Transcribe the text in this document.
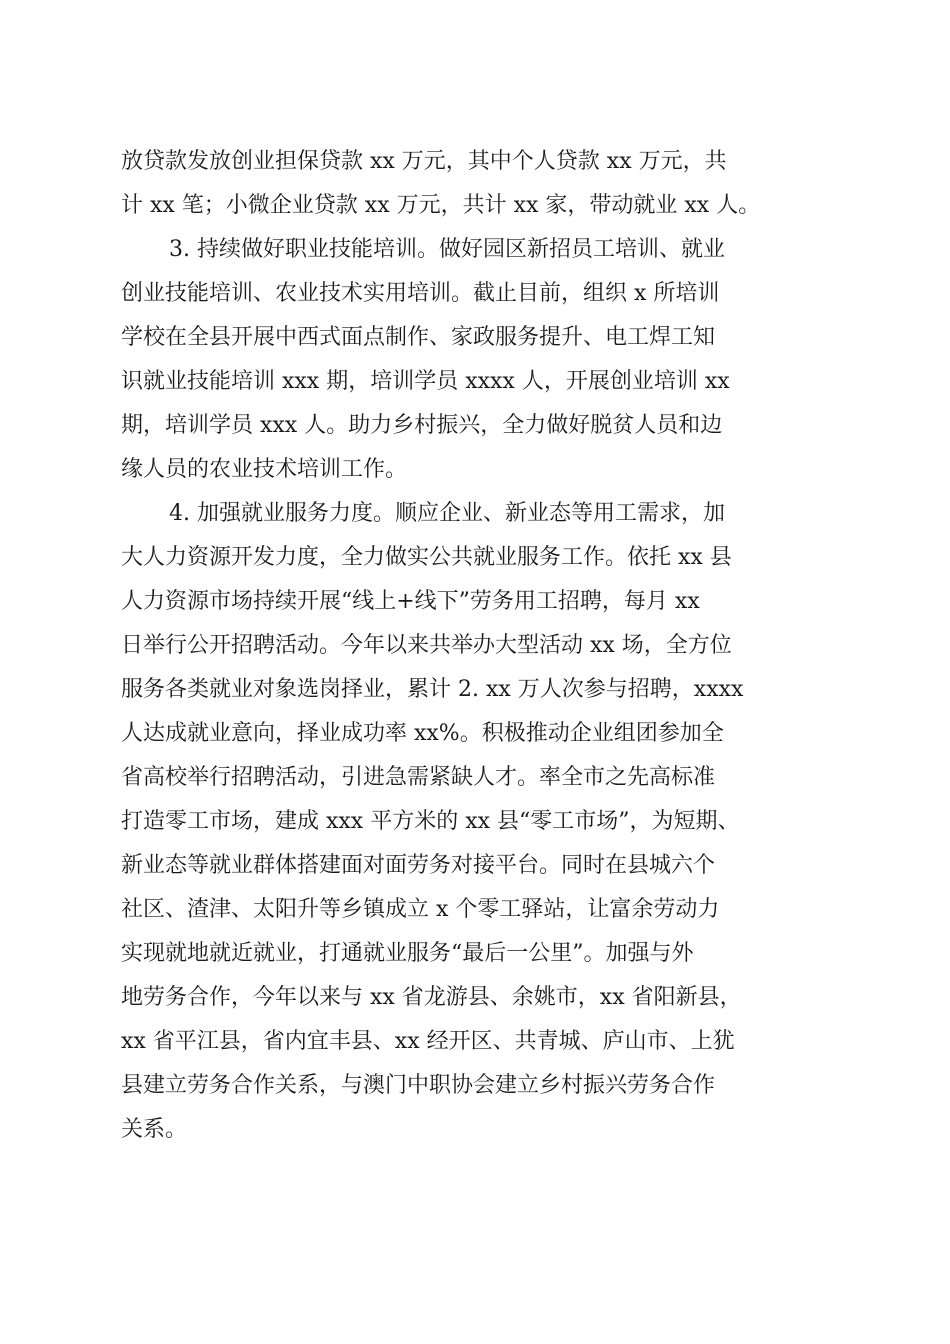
放贷款发放创业担保贷款 xx 万元，其中个人贷款 xx 万元，共
计 xx 笔；小微企业贷款 xx 万元，共计 xx 家，带动就业 xx 人。
3. 持续做好职业技能培训。做好园区新招员工培训、就业
创业技能培训、农业技术实用培训。截止目前，组织 x 所培训
学校在全县开展中西式面点制作、家政服务提升、电工焊工知
识就业技能培训 xxx 期，培训学员 xxxx 人，开展创业培训 xx
期，培训学员 xxx 人。助力乡村振兴，全力做好脱贫人员和边
缘人员的农业技术培训工作。
4. 加强就业服务力度。顺应企业、新业态等用工需求，加
大人力资源开发力度，全力做实公共就业服务工作。依托 xx 县
人力资源市场持续开展“线上+线下”劳务用工招聘，每月 xx
日举行公开招聘活动。今年以来共举办大型活动 xx 场，全方位
服务各类就业对象选岗择业，累计 2. xx 万人次参与招聘，xxxx
人达成就业意向，择业成功率 xx%。积极推动企业组团参加全
省高校举行招聘活动，引进急需紧缺人才。率全市之先高标准
打造零工市场，建成 xxx 平方米的 xx 县“零工市场”，为短期、
新业态等就业群体搭建面对面劳务对接平台。同时在县城六个
社区、渣津、太阳升等乡镇成立 x 个零工驿站，让富余劳动力
实现就地就近就业，打通就业服务“最后一公里”。加强与外
地劳务合作，今年以来与 xx 省龙游县、余姚市，xx 省阳新县，
xx 省平江县，省内宜丰县、xx 经开区、共青城、庐山市、上犹
县建立劳务合作关系，与澳门中职协会建立乡村振兴劳务合作
关系。
